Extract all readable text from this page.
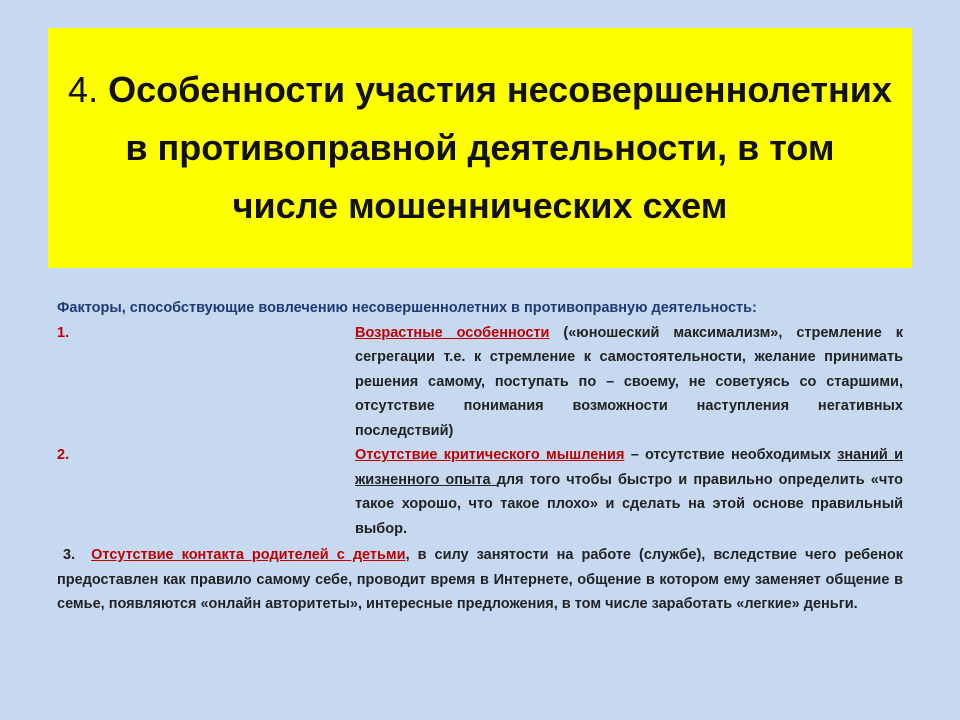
4. Особенности участия несовершеннолетних в противоправной деятельности, в том числе мошеннических схем
Факторы, способствующие вовлечению несовершеннолетних в противоправную деятельность:
1.	Возрастные особенности («юношеский максимализм», стремление к сегрегации т.е. к стремление к самостоятельности, желание принимать решения самому, поступать по – своему, не советуясь со старшими, отсутствие понимания возможности наступления негативных последствий)
2.	Отсутствие критического мышления – отсутствие необходимых знаний и жизненного опыта для того чтобы быстро и правильно определить «что такое хорошо, что такое плохо» и сделать на этой основе правильный выбор.
3. Отсутствие контакта родителей с детьми, в силу занятости на работе (службе), вследствие чего ребенок предоставлен как правило самому себе, проводит время в Интернете, общение в котором ему заменяет общение в семье, появляются «онлайн авторитеты», интересные предложения, в том числе заработать «легкие» деньги.
